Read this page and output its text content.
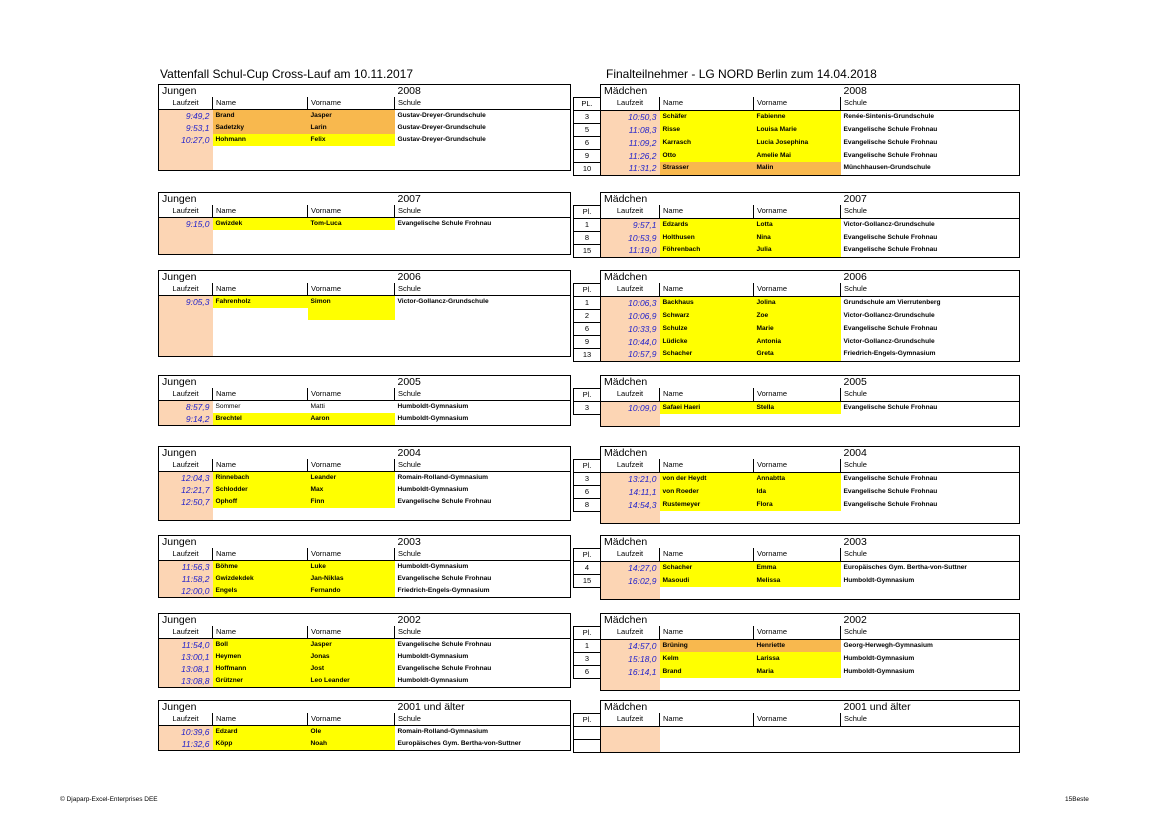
Vattenfall Schul-Cup Cross-Lauf am 10.11.2017	Finalteilnehmer - LG NORD Berlin zum 14.04.2018
Jungen			2008
Laufzeit	Name	Vorname	Schule
9:49,2	Brand	Jasper	Gustav-Dreyer-Grundschule
9:53,1	Sadetzky	Larin	Gustav-Dreyer-Grundschule
10:27,0	Hohmann	Felix	Gustav-Dreyer-Grundschule

	Mädchen			2008
PL.	Laufzeit	Name	Vorname	Schule
3	10:50,3	Schäfer	Fabienne	Renée-Sintenis-Grundschule
5	11:08,3	Risse	Louisa Marie	Evangelische Schule Frohnau
6	11:09,2	Karrasch	Lucia Josephina	Evangelische Schule Frohnau
9	11:26,2	Otto	Amelie Mai	Evangelische Schule Frohnau
10	11:31,2	Strasser	Malin	Münchhausen-Grundschule
Jungen			2007
Laufzeit	Name	Vorname	Schule
9:15,0	Gwizdek	Tom-Luca	Evangelische Schule Frohnau

	Mädchen			2007
Pl.	Laufzeit	Name	Vorname	Schule
1	9:57,1	Edzards	Lotta	Victor-Gollancz-Grundschule
8	10:53,9	Holthusen	Nina	Evangelische Schule Frohnau
15	11:19,0	Föhrenbach	Julia	Evangelische Schule Frohnau
Jungen			2006
Laufzeit	Name	Vorname	Schule
9:05,3	Fahrenholz	Simon	Victor-Gollancz-Grundschule

	Mädchen			2006
Pl.	Laufzeit	Name	Vorname	Schule
1	10:06,3	Backhaus	Jolina	Grundschule am Vierrutenberg
2	10:06,9	Schwarz	Zoe	Victor-Gollancz-Grundschule
6	10:33,9	Schulze	Marie	Evangelische Schule Frohnau
9	10:44,0	Lüdicke	Antonia	Victor-Gollancz-Grundschule
13	10:57,9	Schacher	Greta	Friedrich-Engels-Gymnasium
Jungen			2005
Laufzeit	Name	Vorname	Schule
8:57,9	Sommer	Matti	Humboldt-Gymnasium
9:14,2	Brechtel	Aaron	Humboldt-Gymnasium
	Mädchen			2005
Pl.	Laufzeit	Name	Vorname	Schule
3	10:09,0	Safaei Haeri	Stella	Evangelische Schule Frohnau

Jungen			2004
Laufzeit	Name	Vorname	Schule
12:04,3	Rinnebach	Leander	Romain-Rolland-Gymnasium
12:21,7	Schlodder	Max	Humboldt-Gymnasium
12:50,7	Ophoff	Finn	Evangelische Schule Frohnau

	Mädchen			2004
Pl.	Laufzeit	Name	Vorname	Schule
3	13:21,0	von der Heydt	Annabtta	Evangelische Schule Frohnau
6	14:11,1	von Roeder	Ida	Evangelische Schule Frohnau
8	14:54,3	Rustemeyer	Flora	Evangelische Schule Frohnau

Jungen			2003
Laufzeit	Name	Vorname	Schule
11:56,3	Böhme	Luke	Humboldt-Gymnasium
11:58,2	Gwizdekdek	Jan-Niklas	Evangelische Schule Frohnau
12:00,0	Engels	Fernando	Friedrich-Engels-Gymnasium
	Mädchen			2003
Pl.	Laufzeit	Name	Vorname	Schule
4	14:27,0	Schacher	Emma	Europäisches Gym. Bertha-von-Suttner
15	16:02,9	Masoudi	Melissa	Humboldt-Gymnasium

Jungen			2002
Laufzeit	Name	Vorname	Schule
11:54,0	Boll	Jasper	Evangelische Schule Frohnau
13:00,1	Heymen	Jonas	Humboldt-Gymnasium
13:08,1	Hoffmann	Jost	Evangelische Schule Frohnau
13:08,8	Grützner	Leo Leander	Humboldt-Gymnasium
	Mädchen			2002
Pl.	Laufzeit	Name	Vorname	Schule
1	14:57,0	Brüning	Henriette	Georg-Herwegh-Gymnasium
3	15:18,0	Kelm	Larissa	Humboldt-Gymnasium
6	16:14,1	Brand	Maria	Humboldt-Gymnasium

Jungen			2001 und älter
Laufzeit	Name	Vorname	Schule
10:39,6	Edzard	Ole	Romain-Rolland-Gymnasium
11:32,6	Köpp	Noah	Europäisches Gym. Bertha-von-Suttner
	Mädchen			2001 und älter
Pl.	Laufzeit	Name	Vorname	Schule

© Djaparp-Excel-Enterprises DEE	15Beste
